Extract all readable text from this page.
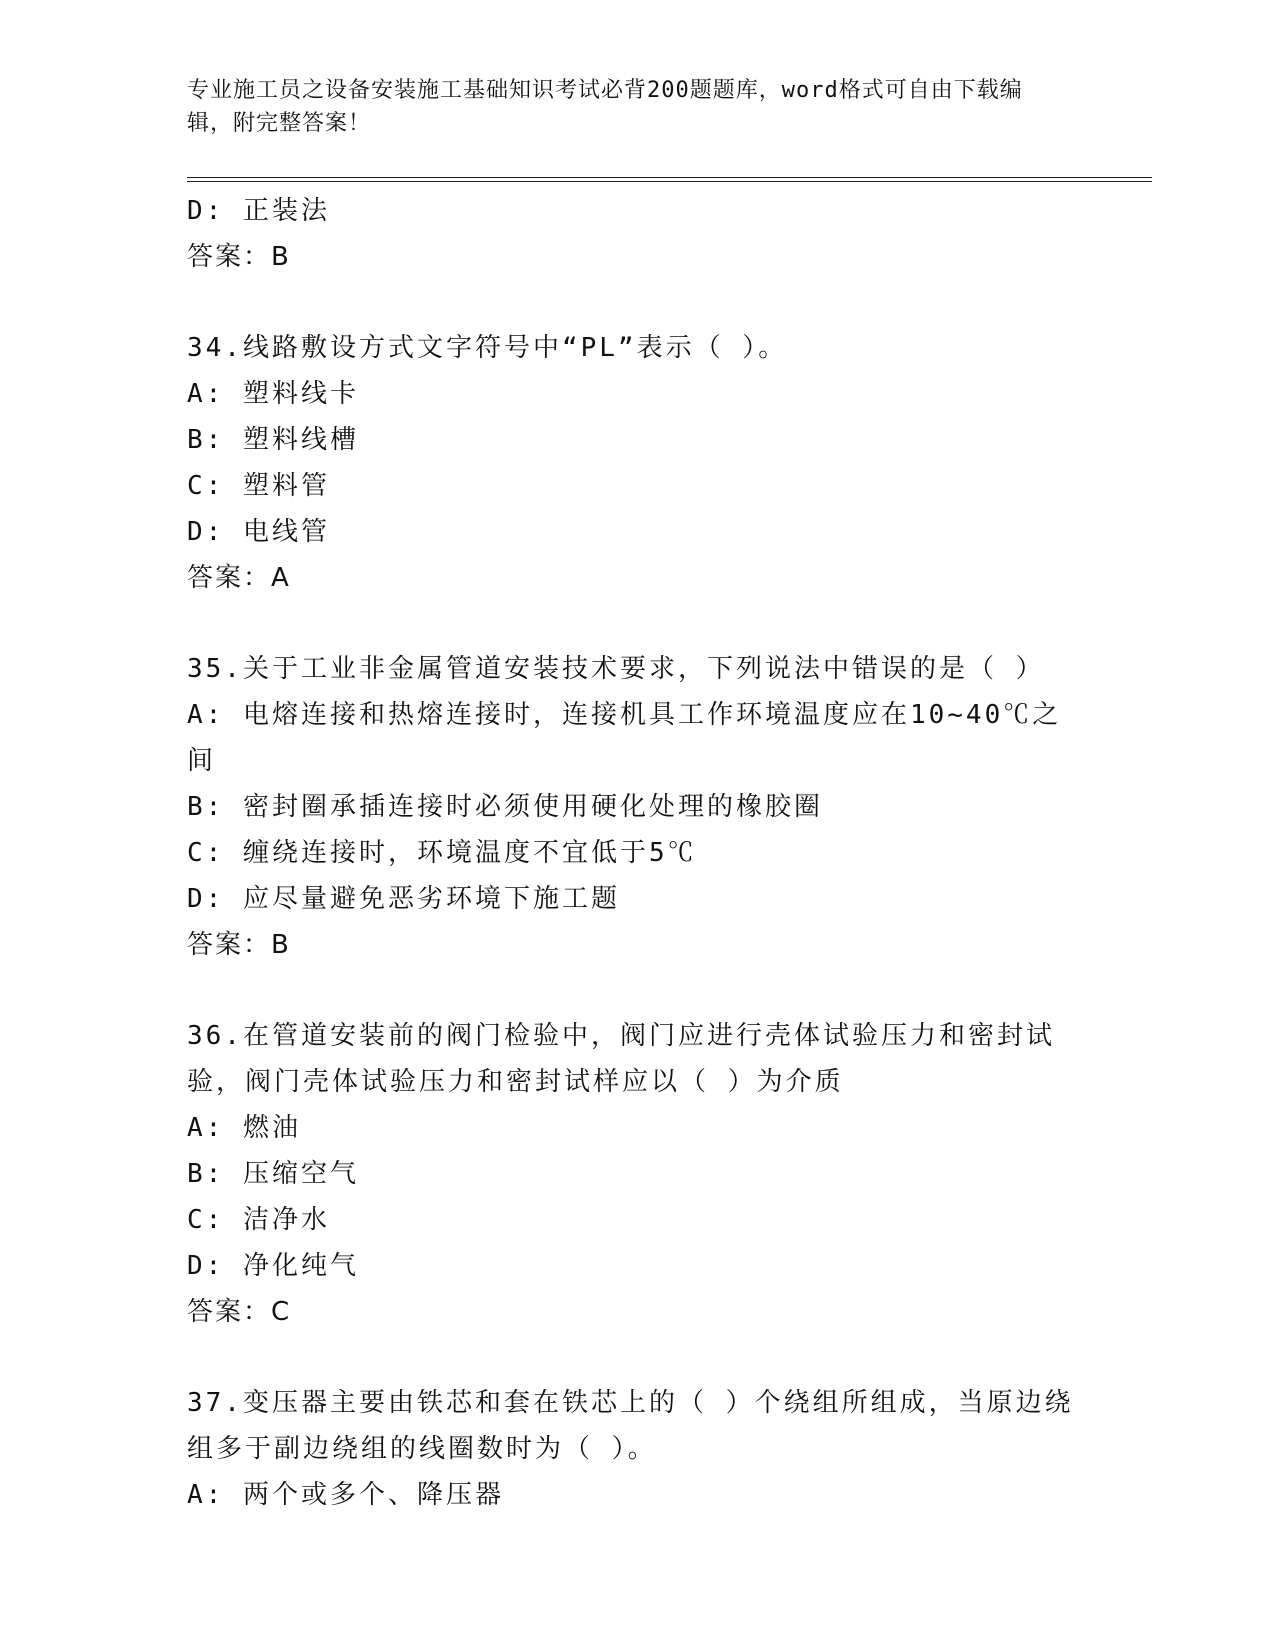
专业施工员之设备安装施工基础知识考试必背200题题库，word格式可自由下载编辑，附完整答案！
D: 正装法
答案：B
34.线路敷设方式文字符号中“PL”表示（ ）。
A: 塑料线卡
B: 塑料线槽
C: 塑料管
D: 电线管
答案：A
35.关于工业非金属管道安装技术要求，下列说法中错误的是（ ）
A: 电熔连接和热熔连接时，连接机具工作环境温度应在10~40℃之间
B: 密封圈承插连接时必须使用硬化处理的橡胶圈
C: 缠绕连接时，环境温度不宜低于5℃
D: 应尽量避免恶劣环境下施工题
答案：B
36.在管道安装前的阀门检验中，阀门应进行壳体试验压力和密封试验，阀门壳体试验压力和密封试样应以（ ）为介质
A: 燃油
B: 压缩空气
C: 洁净水
D: 净化纯气
答案：C
37.变压器主要由铁芯和套在铁芯上的（ ）个绕组所组成，当原边绕组多于副边绕组的线圈数时为（ ）。
A: 两个或多个、降压器
